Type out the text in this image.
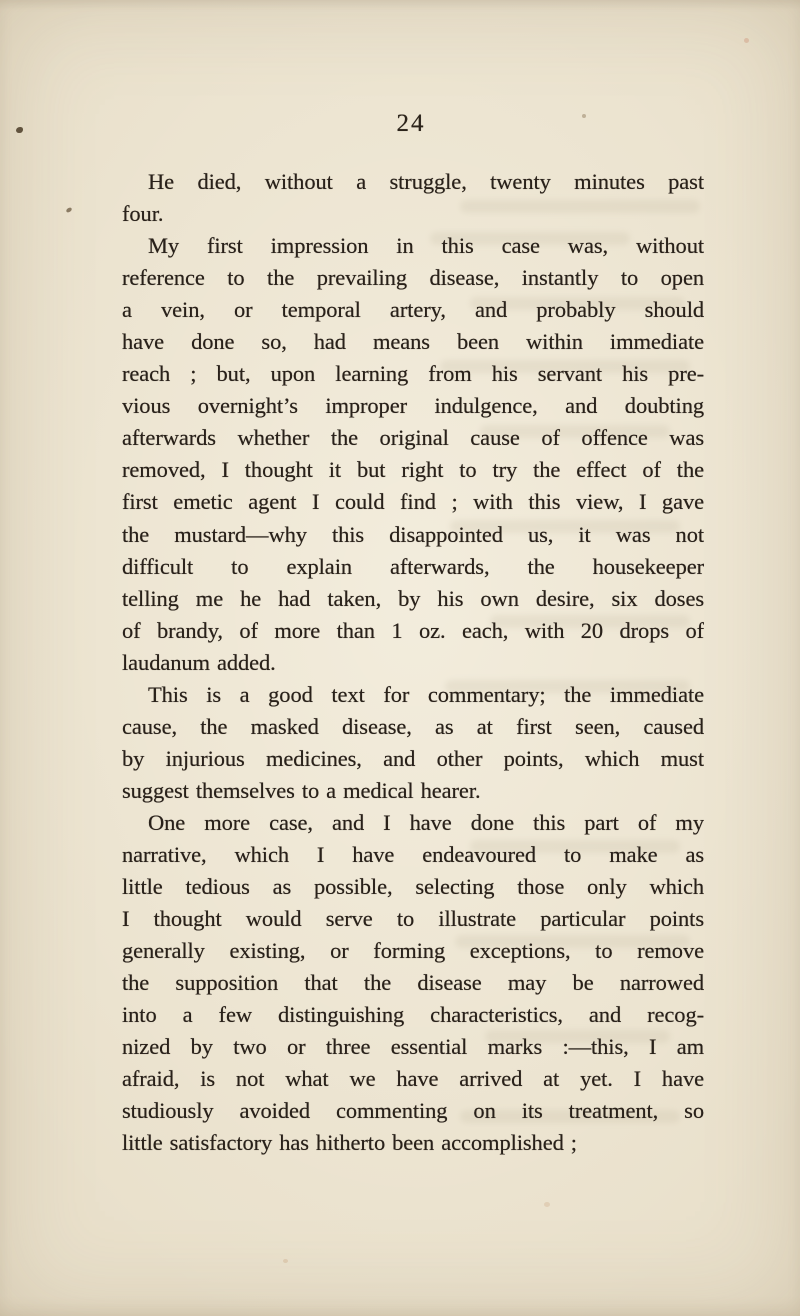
24
He died, without a struggle, twenty minutes past
four.
My first impression in this case was, without
reference to the prevailing disease, instantly to open
a vein, or temporal artery, and probably should
have done so, had means been within immediate
reach ; but, upon learning from his servant his pre-
vious overnight’s improper indulgence, and doubting
afterwards whether the original cause of offence was
removed, I thought it but right to try the effect of the
first emetic agent I could find ; with this view, I gave
the mustard—why this disappointed us, it was not
difficult to explain afterwards, the housekeeper
telling me he had taken, by his own desire, six doses
of brandy, of more than 1 oz. each, with 20 drops of
laudanum added.
This is a good text for commentary; the immediate
cause, the masked disease, as at first seen, caused
by injurious medicines, and other points, which must
suggest themselves to a medical hearer.
One more case, and I have done this part of my
narrative, which I have endeavoured to make as
little tedious as possible, selecting those only which
I thought would serve to illustrate particular points
generally existing, or forming exceptions, to remove
the supposition that the disease may be narrowed
into a few distinguishing characteristics, and recog-
nized by two or three essential marks :—this, I am
afraid, is not what we have arrived at yet. I have
studiously avoided commenting on its treatment, so
little satisfactory has hitherto been accomplished ;
